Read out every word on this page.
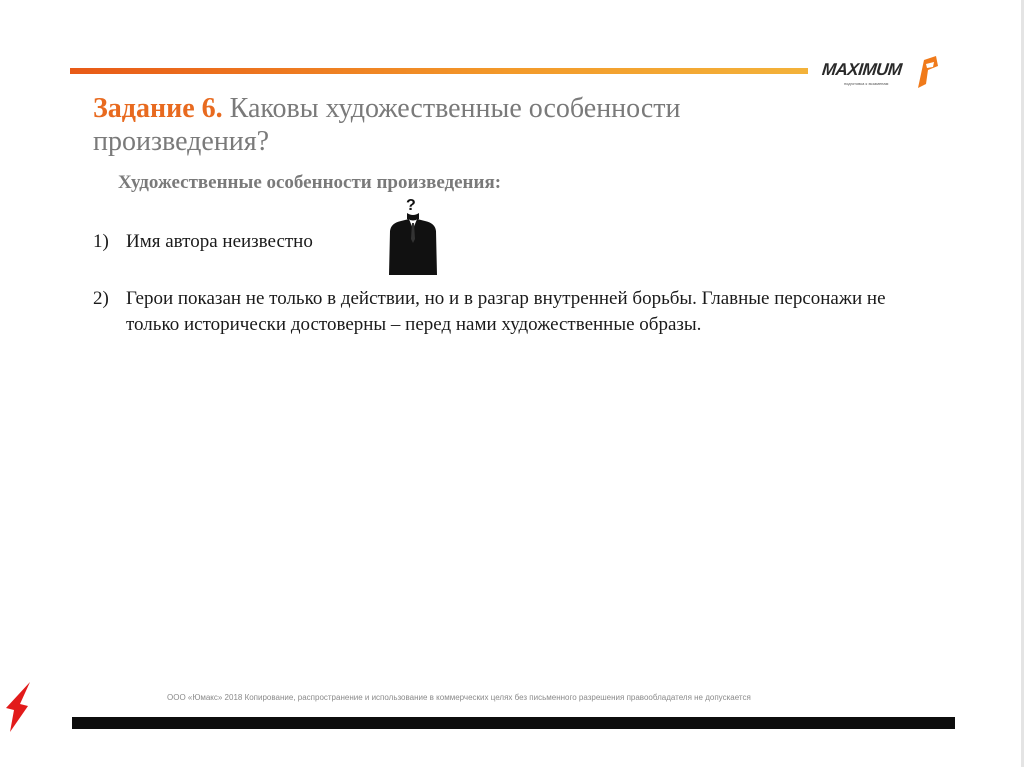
MAXIMUM
подготовка к экзаменам
Задание 6. Каковы художественные особенности произведения?
Художественные особенности произведения:
1) Имя автора неизвестно
?
2) Герои показан не только в действии, но и в разгар внутренней борьбы. Главные персонажи не только исторически достоверны – перед нами художественные образы.
ООО «Юмакс» 2018 Копирование, распространение и использование в коммерческих целях без письменного разрешения правообладателя не допускается
